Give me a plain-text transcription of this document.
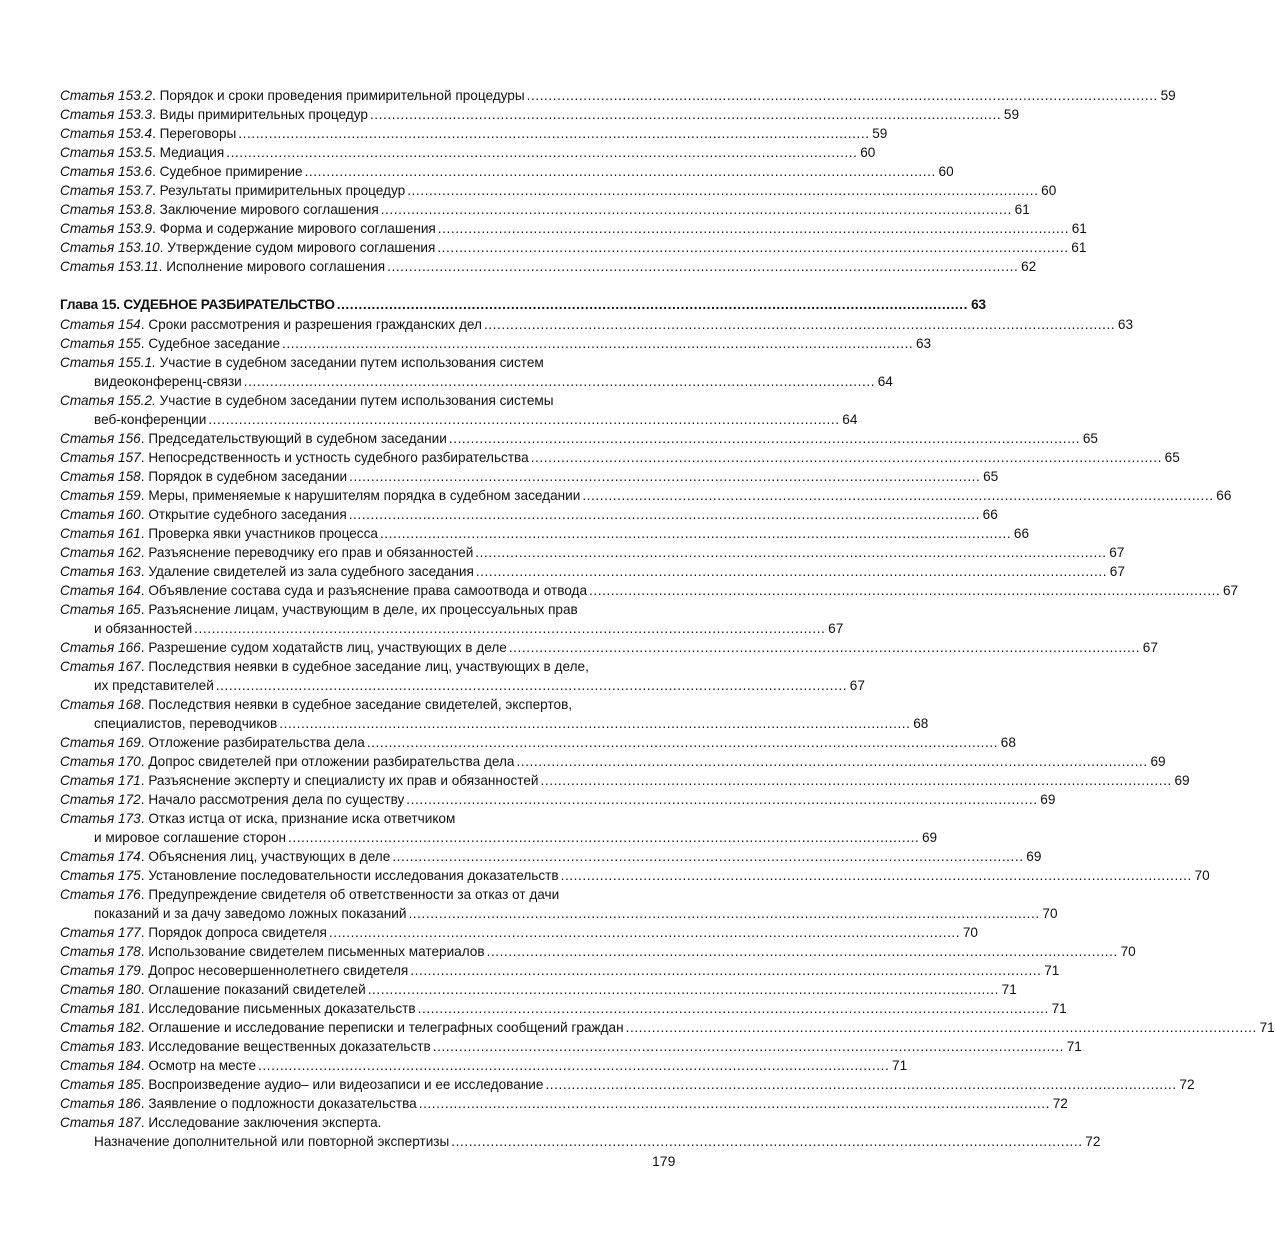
Статья 153.2. Порядок и сроки проведения примирительной процедуры . . .	59
Статья 153.3. Виды примирительных процедур . . .	59
Статья 153.4. Переговоры . . .	59
Статья 153.5. Медиация . . .	60
Статья 153.6. Судебное примирение . . .	60
Статья 153.7. Результаты примирительных процедур . . .	60
Статья 153.8. Заключение мирового соглашения . . .	61
Статья 153.9. Форма и содержание мирового соглашения . . .	61
Статья 153.10. Утверждение судом мирового соглашения . . .	61
Статья 153.11. Исполнение мирового соглашения . . .	62
Глава 15. СУДЕБНОЕ РАЗБИРАТЕЛЬСТВО . . .	63
Статья 154. Сроки рассмотрения и разрешения гражданских дел . . .	63
Статья 155. Судебное заседание . . .	63
Статья 155.1. Участие в судебном заседании путем использования систем
видеоконференц-связи . . .	64
Статья 155.2. Участие в судебном заседании путем использования системы
веб-конференции . . .	64
Статья 156. Председательствующий в судебном заседании . . .	65
Статья 157. Непосредственность и устность судебного разбирательства . . .	65
Статья 158. Порядок в судебном заседании . . .	65
Статья 159. Меры, применяемые к нарушителям порядка в судебном заседании . . .	66
Статья 160. Открытие судебного заседания . . .	66
Статья 161. Проверка явки участников процесса . . .	66
Статья 162. Разъяснение переводчику его прав и обязанностей . . .	67
Статья 163. Удаление свидетелей из зала судебного заседания . . .	67
Статья 164. Объявление состава суда и разъяснение права самоотвода и отвода . . .	67
Статья 165. Разъяснение лицам, участвующим в деле, их процессуальных прав
и обязанностей . . .	67
Статья 166. Разрешение судом ходатайств лиц, участвующих в деле . . .	67
Статья 167. Последствия неявки в судебное заседание лиц, участвующих в деле,
их представителей . . .	67
Статья 168. Последствия неявки в судебное заседание свидетелей, экспертов,
специалистов, переводчиков . . .	68
Статья 169. Отложение разбирательства дела . . .	68
Статья 170. Допрос свидетелей при отложении разбирательства дела . . .	69
Статья 171. Разъяснение эксперту и специалисту их прав и обязанностей . . .	69
Статья 172. Начало рассмотрения дела по существу . . .	69
Статья 173. Отказ истца от иска, признание иска ответчиком
и мировое соглашение сторон . . .	69
Статья 174. Объяснения лиц, участвующих в деле . . .	69
Статья 175. Установление последовательности исследования доказательств . . .	70
Статья 176. Предупреждение свидетеля об ответственности за отказ от дачи
показаний и за дачу заведомо ложных показаний . . .	70
Статья 177. Порядок допроса свидетеля . . .	70
Статья 178. Использование свидетелем письменных материалов . . .	70
Статья 179. Допрос несовершеннолетнего свидетеля . . .	71
Статья 180. Оглашение показаний свидетелей . . .	71
Статья 181. Исследование письменных доказательств . . .	71
Статья 182. Оглашение и исследование переписки и телеграфных сообщений граждан . . .	71
Статья 183. Исследование вещественных доказательств . . .	71
Статья 184. Осмотр на месте . . .	71
Статья 185. Воспроизведение аудио– или видеозаписи и ее исследование . . .	72
Статья 186. Заявление о подложности доказательства . . .	72
Статья 187. Исследование заключения эксперта.
Назначение дополнительной или повторной экспертизы . . .	72
179
